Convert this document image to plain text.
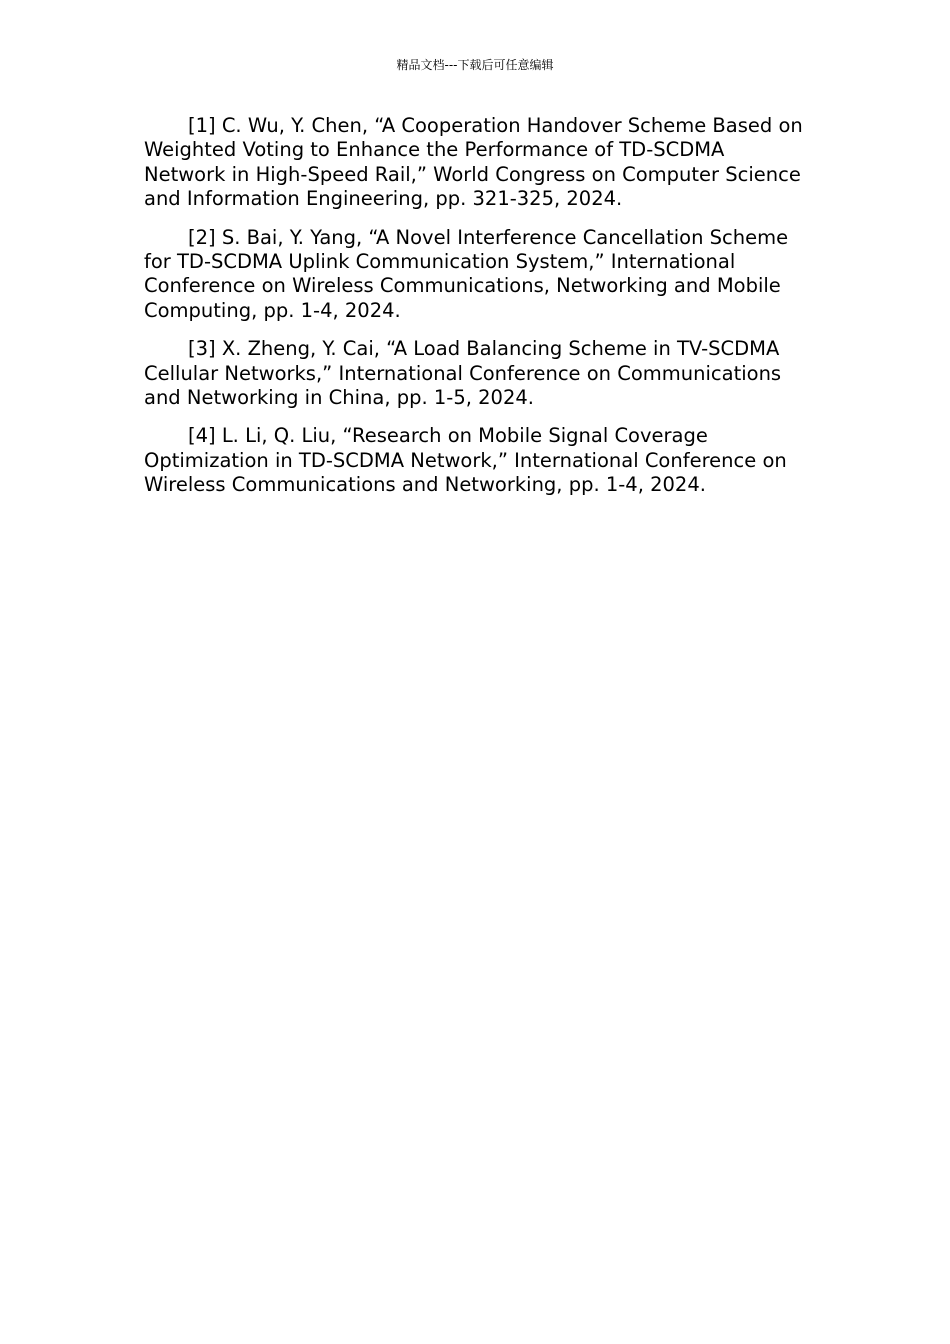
精品文档---下载后可任意编辑

[1] C. Wu, Y. Chen, “A Cooperation Handover Scheme Based on Weighted Voting to Enhance the Performance of TD-SCDMA Network in High-Speed Rail,” World Congress on Computer Science and Information Engineering, pp. 321-325, 2024.

[2] S. Bai, Y. Yang, “A Novel Interference Cancellation Scheme for TD-SCDMA Uplink Communication System,” International Conference on Wireless Communications, Networking and Mobile Computing, pp. 1-4, 2024.

[3] X. Zheng, Y. Cai, “A Load Balancing Scheme in TV-SCDMA Cellular Networks,” International Conference on Communications and Networking in China, pp. 1-5, 2024.

[4] L. Li, Q. Liu, “Research on Mobile Signal Coverage Optimization in TD-SCDMA Network,” International Conference on Wireless Communications and Networking, pp. 1-4, 2024.
